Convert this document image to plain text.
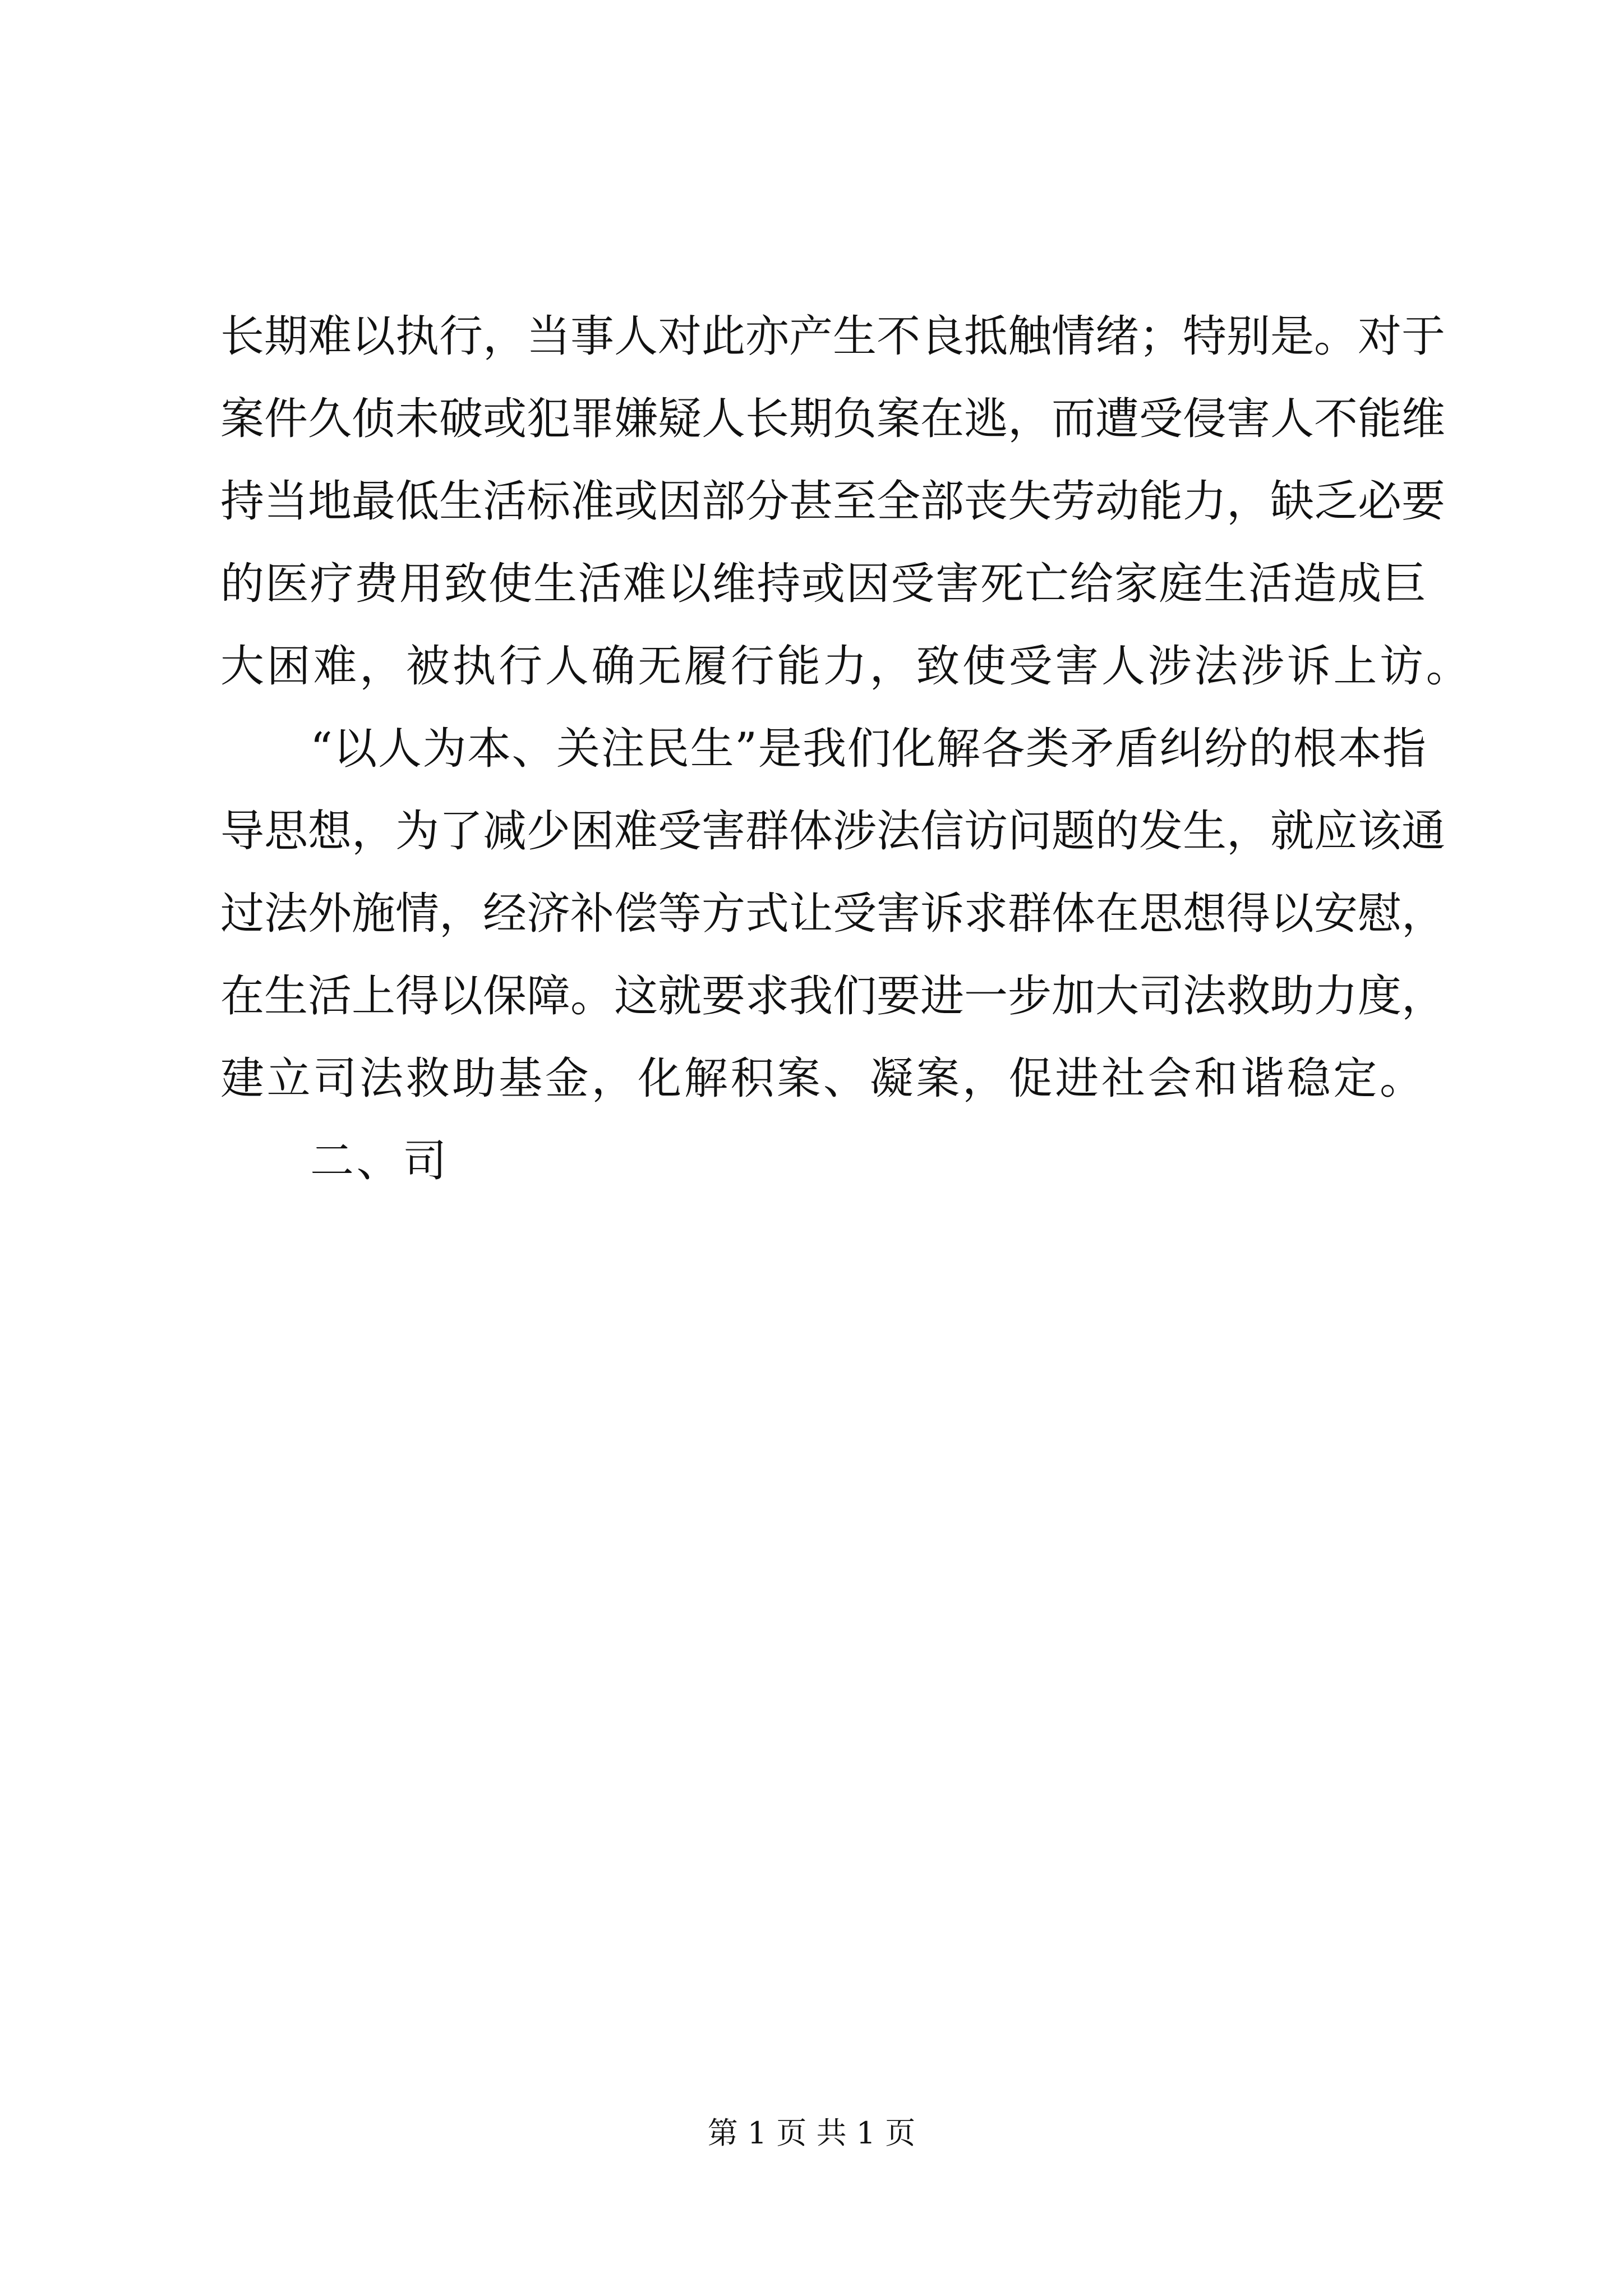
长期难以执行，当事人对此亦产生不良抵触情绪；特别是。对于
案件久侦未破或犯罪嫌疑人长期负案在逃，而遭受侵害人不能维
持当地最低生活标准或因部分甚至全部丧失劳动能力，缺乏必要
的医疗费用致使生活难以维持或因受害死亡给家庭生活造成巨
大困难，被执行人确无履行能力，致使受害人涉法涉诉上访。
“以人为本、关注民生”是我们化解各类矛盾纠纷的根本指
导思想，为了减少困难受害群体涉法信访问题的发生，就应该通
过法外施情，经济补偿等方式让受害诉求群体在思想得以安慰，
在生活上得以保障。这就要求我们要进一步加大司法救助力度，
建立司法救助基金，化解积案、凝案，促进社会和谐稳定。
二、司
第 1 页 共 1 页
